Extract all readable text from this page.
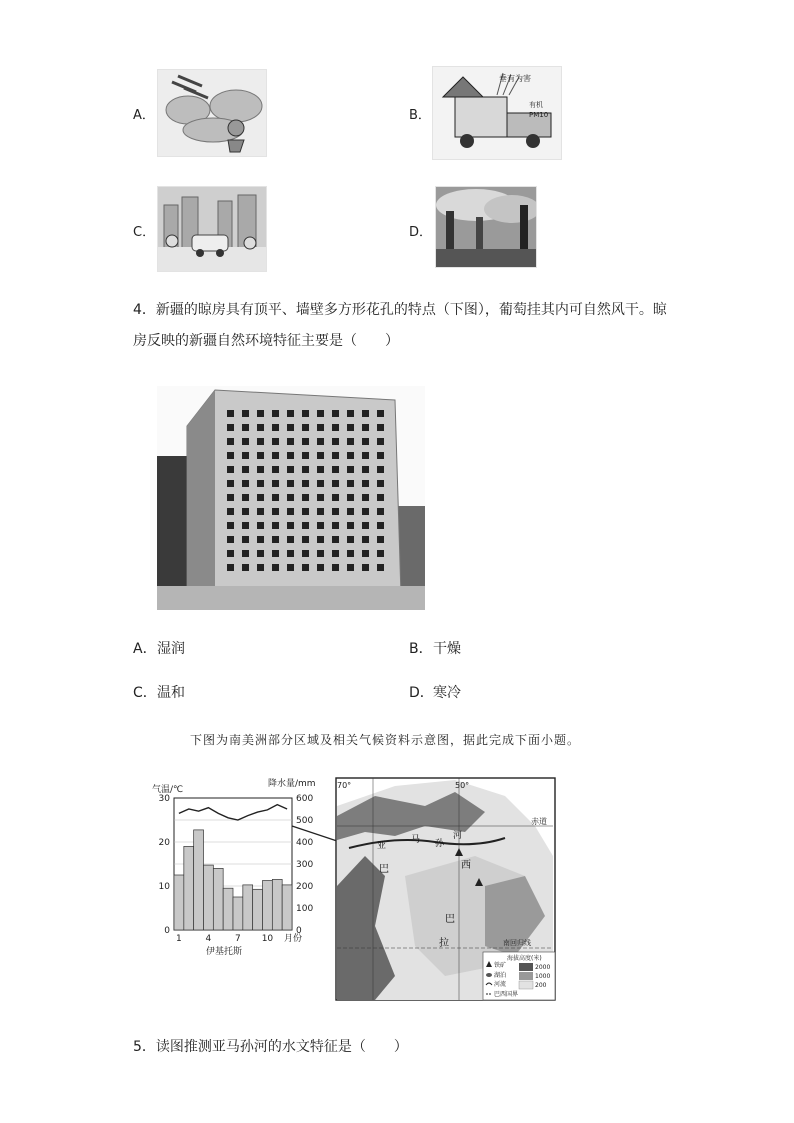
A．	B．
垂有为害
有机
PM10
C．	D．
4．新疆的晾房具有顶平、墙壁多方形花孔的特点（下图），葡萄挂其内可自然风干。晾
房反映的新疆自然环境特征主要是（　　）
A． 湿润	B． 干燥
C． 温和	D． 寒冷
下图为南美洲部分区域及相关气候资料示意图，据此完成下面小题。
气温/℃
降水量/mm
30
20
10
0
600
500
400
300
200
100
0
1	4	7 10 月份
伊基托斯
70°	50°
赤道
南回归线
亚
马 孙
河
巴	西
巴
拉
海拔高度(米)
铁矿
湖泊
河流
巴西国界
2000
1000
200
5．读图推测亚马孙河的水文特征是（　　）
